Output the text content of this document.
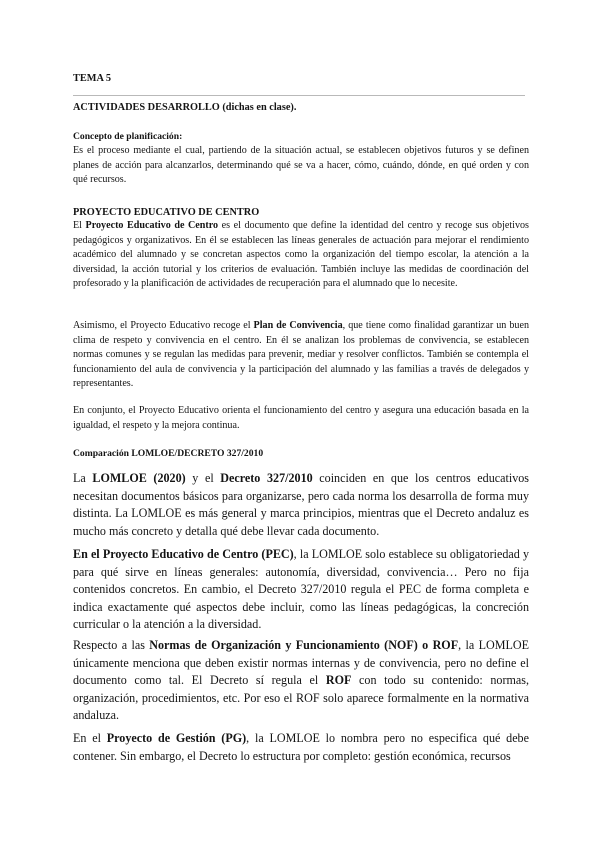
TEMA 5
ACTIVIDADES DESARROLLO (dichas en clase).
Concepto de planificación:

Es el proceso mediante el cual, partiendo de la situación actual, se establecen objetivos futuros y se definen planes de acción para alcanzarlos, determinando qué se va a hacer, cómo, cuándo, dónde, en qué orden y con qué recursos.

PROYECTO EDUCATIVO DE CENTRO

El Proyecto Educativo de Centro es el documento que define la identidad del centro y recoge sus objetivos pedagógicos y organizativos. En él se establecen las líneas generales de actuación para mejorar el rendimiento académico del alumnado y se concretan aspectos como la organización del tiempo escolar, la atención a la diversidad, la acción tutorial y los criterios de evaluación. También incluye las medidas de coordinación del profesorado y la planificación de actividades de recuperación para el alumnado que lo necesite.

Asimismo, el Proyecto Educativo recoge el Plan de Convivencia, que tiene como finalidad garantizar un buen clima de respeto y convivencia en el centro. En él se analizan los problemas de convivencia, se establecen normas comunes y se regulan las medidas para prevenir, mediar y resolver conflictos. También se contempla el funcionamiento del aula de convivencia y la participación del alumnado y las familias a través de delegados y representantes.

En conjunto, el Proyecto Educativo orienta el funcionamiento del centro y asegura una educación basada en la igualdad, el respeto y la mejora continua.

Comparación LOMLOE/DECRETO 327/2010

La LOMLOE (2020) y el Decreto 327/2010 coinciden en que los centros educativos necesitan documentos básicos para organizarse, pero cada norma los desarrolla de forma muy distinta. La LOMLOE es más general y marca principios, mientras que el Decreto andaluz es mucho más concreto y detalla qué debe llevar cada documento.

En el Proyecto Educativo de Centro (PEC), la LOMLOE solo establece su obligatoriedad y para qué sirve en líneas generales: autonomía, diversidad, convivencia… Pero no fija contenidos concretos. En cambio, el Decreto 327/2010 regula el PEC de forma completa e indica exactamente qué aspectos debe incluir, como las líneas pedagógicas, la concreción curricular o la atención a la diversidad.

Respecto a las Normas de Organización y Funcionamiento (NOF) o ROF, la LOMLOE únicamente menciona que deben existir normas internas y de convivencia, pero no define el documento como tal. El Decreto sí regula el ROF con todo su contenido: normas, organización, procedimientos, etc. Por eso el ROF solo aparece formalmente en la normativa andaluza.

En el Proyecto de Gestión (PG), la LOMLOE lo nombra pero no especifica qué debe contener. Sin embargo, el Decreto lo estructura por completo: gestión económica, recursos
